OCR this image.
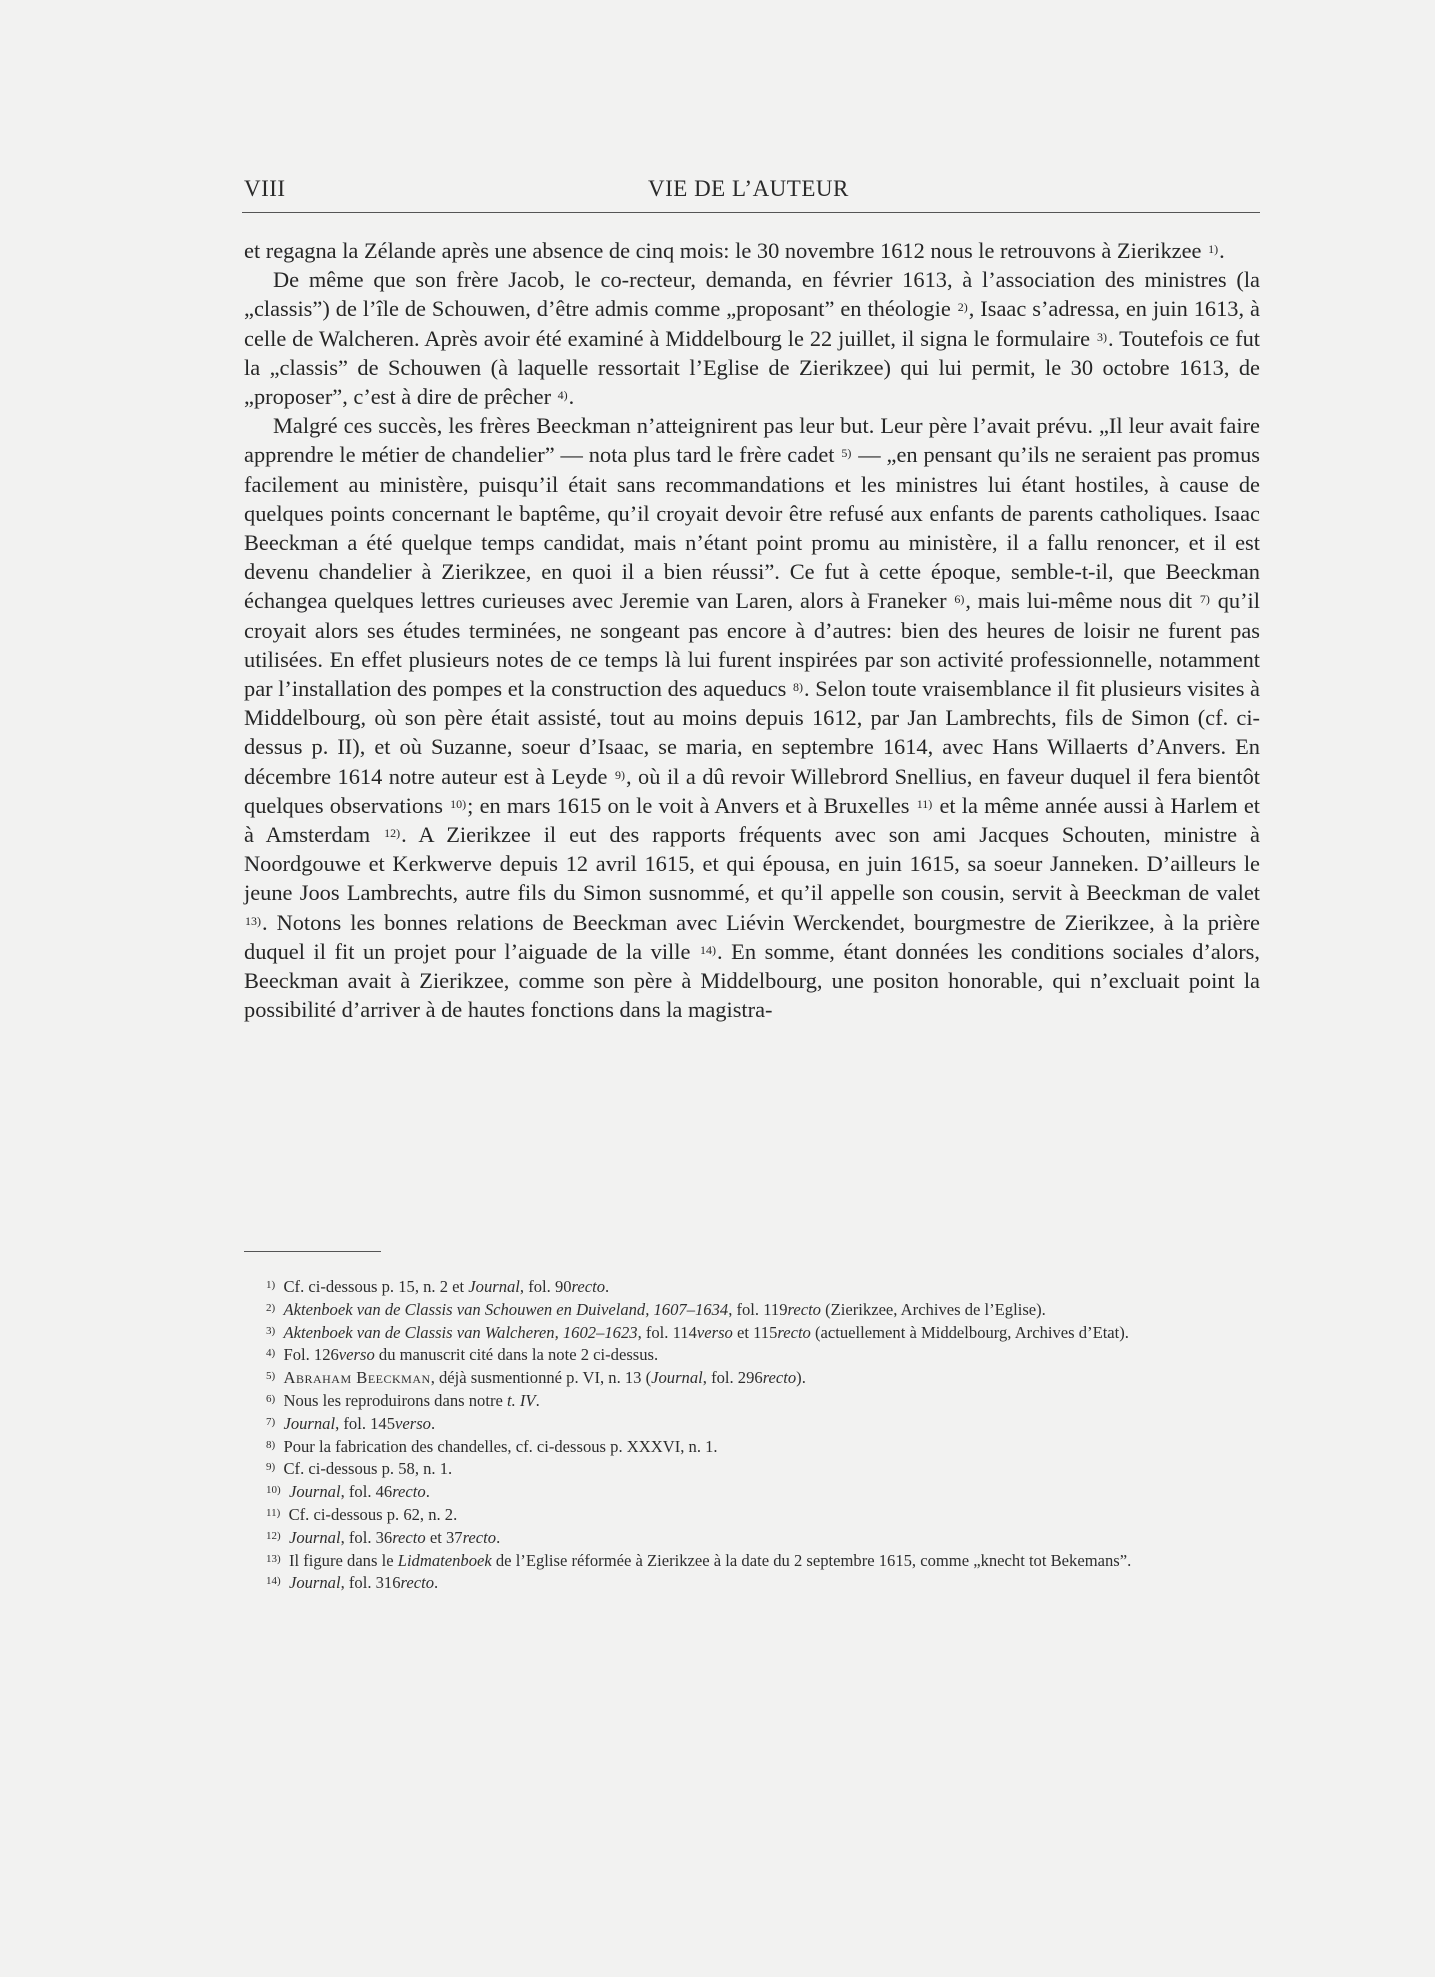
VIII	VIE DE L’AUTEUR

et regagna la Zélande après une absence de cinq mois: le 30 novembre 1612 nous le retrouvons à Zierikzee $^{1)}$.

De même que son frère Jacob, le co-recteur, demanda, en février 1613, à l’association des ministres (la „classis”) de l’île de Schouwen, d’être admis comme „proposant” en théologie $^{2)}$, Isaac s’adressa, en juin 1613, à celle de Walcheren. Après avoir été examiné à Middelbourg le 22 juillet, il signa le formulaire $^{3)}$. Toutefois ce fut la „classis” de Schouwen (à laquelle ressortait l’Eglise de Zierikzee) qui lui permit, le 30 octobre 1613, de „proposer”, c’est à dire de prêcher $^{4)}$.

Malgré ces succès, les frères Beeckman n’atteignirent pas leur but. Leur père l’avait prévu. „Il leur avait faire apprendre le métier de chandelier” — nota plus tard le frère cadet $^{5)}$ — „en pensant qu’ils ne seraient pas promus facilement au ministère, puisqu’il était sans recommandations et les ministres lui étant hostiles, à cause de quelques points concernant le baptême, qu’il croyait devoir être refusé aux enfants de parents catholiques. Isaac Beeckman a été quelque temps candidat, mais n’étant point promu au ministère, il a fallu renoncer, et il est devenu chandelier à Zierikzee, en quoi il a bien réussi”. Ce fut à cette époque, semble-t-il, que Beeckman échangea quelques lettres curieuses avec Jeremie van Laren, alors à Franeker $^{6)}$, mais lui-même nous dit $^{7)}$ qu’il croyait alors ses études terminées, ne songeant pas encore à d’autres: bien des heures de loisir ne furent pas utilisées. En effet plusieurs notes de ce temps là lui furent inspirées par son activité professionnelle, notamment par l’installation des pompes et la construction des aqueducs $^{8)}$. Selon toute vraisemblance il fit plusieurs visites à Middelbourg, où son père était assisté, tout au moins depuis 1612, par Jan Lambrechts, fils de Simon (cf. ci-dessus p. II), et où Suzanne, soeur d’Isaac, se maria, en septembre 1614, avec Hans Willaerts d’Anvers. En décembre 1614 notre auteur est à Leyde $^{9)}$, où il a dû revoir Willebrord Snellius, en faveur duquel il fera bientôt quelques observations $^{10)}$; en mars 1615 on le voit à Anvers et à Bruxelles $^{11)}$ et la même année aussi à Harlem et à Amsterdam $^{12)}$. A Zierikzee il eut des rapports fréquents avec son ami Jacques Schouten, ministre à Noordgouwe et Kerkwerve depuis 12 avril 1615, et qui épousa, en juin 1615, sa soeur Janneken. D’ailleurs le jeune Joos Lambrechts, autre fils du Simon susnommé, et qu’il appelle son cousin, servit à Beeckman de valet $^{13)}$. Notons les bonnes relations de Beeckman avec Liévin Werckendet, bourgmestre de Zierikzee, à la prière duquel il fit un projet pour l’aiguade de la ville $^{14)}$. En somme, étant données les conditions sociales d’alors, Beeckman avait à Zierikzee, comme son père à Middelbourg, une positon honorable, qui n’excluait point la possibilité d’arriver à de hautes fonctions dans la magistra-

$^{1)}$  Cf. ci-dessous p. 15, n. 2 et Journal, fol. 90recto.
$^{2)}$  Aktenboek van de Classis van Schouwen en Duiveland, 1607–1634, fol. 119recto (Zierikzee, Archives de l’Eglise).
$^{3)}$  Aktenboek van de Classis van Walcheren, 1602–1623, fol. 114verso et 115recto (actuellement à Middelbourg, Archives d’Etat).
$^{4)}$  Fol. 126verso du manuscrit cité dans la note 2 ci-dessus.
$^{5)}$  Abraham Beeckman, déjà susmentionné p. VI, n. 13 (Journal, fol. 296recto).
$^{6)}$  Nous les reproduirons dans notre t. IV.
$^{7)}$  Journal, fol. 145verso.
$^{8)}$  Pour la fabrication des chandelles, cf. ci-dessous p. XXXVI, n. 1.
$^{9)}$  Cf. ci-dessous p. 58, n. 1.
$^{10)}$  Journal, fol. 46recto.
$^{11)}$  Cf. ci-dessous p. 62, n. 2.
$^{12)}$  Journal, fol. 36recto et 37recto.
$^{13)}$  Il figure dans le Lidmatenboek de l’Eglise réformée à Zierikzee à la date du 2 septembre 1615, comme „knecht tot Bekemans”.
$^{14)}$  Journal, fol. 316recto.
